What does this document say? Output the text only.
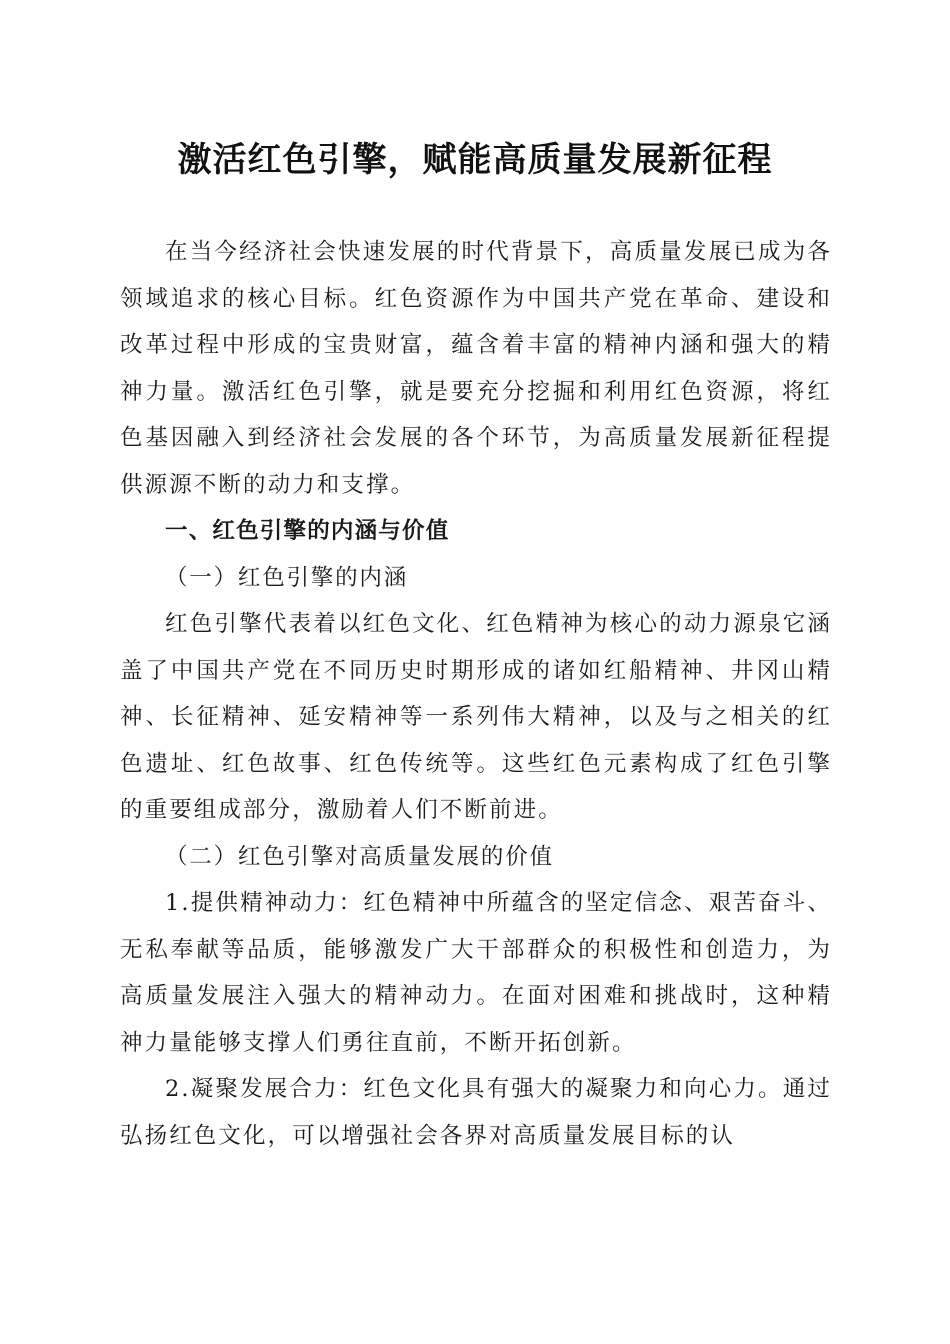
激活红色引擎，赋能高质量发展新征程

在当今经济社会快速发展的时代背景下，高质量发展已成为各领域追求的核心目标。红色资源作为中国共产党在革命、建设和改革过程中形成的宝贵财富，蕴含着丰富的精神内涵和强大的精神力量。激活红色引擎，就是要充分挖掘和利用红色资源，将红色基因融入到经济社会发展的各个环节，为高质量发展新征程提供源源不断的动力和支撑。

一、红色引擎的内涵与价值

（一）红色引擎的内涵

红色引擎代表着以红色文化、红色精神为核心的动力源泉它涵盖了中国共产党在不同历史时期形成的诸如红船精神、井冈山精神、长征精神、延安精神等一系列伟大精神，以及与之相关的红色遗址、红色故事、红色传统等。这些红色元素构成了红色引擎的重要组成部分，激励着人们不断前进。

（二）红色引擎对高质量发展的价值

1.提供精神动力：红色精神中所蕴含的坚定信念、艰苦奋斗、无私奉献等品质，能够激发广大干部群众的积极性和创造力，为高质量发展注入强大的精神动力。在面对困难和挑战时，这种精神力量能够支撑人们勇往直前，不断开拓创新。

2.凝聚发展合力：红色文化具有强大的凝聚力和向心力。通过弘扬红色文化，可以增强社会各界对高质量发展目标的认
